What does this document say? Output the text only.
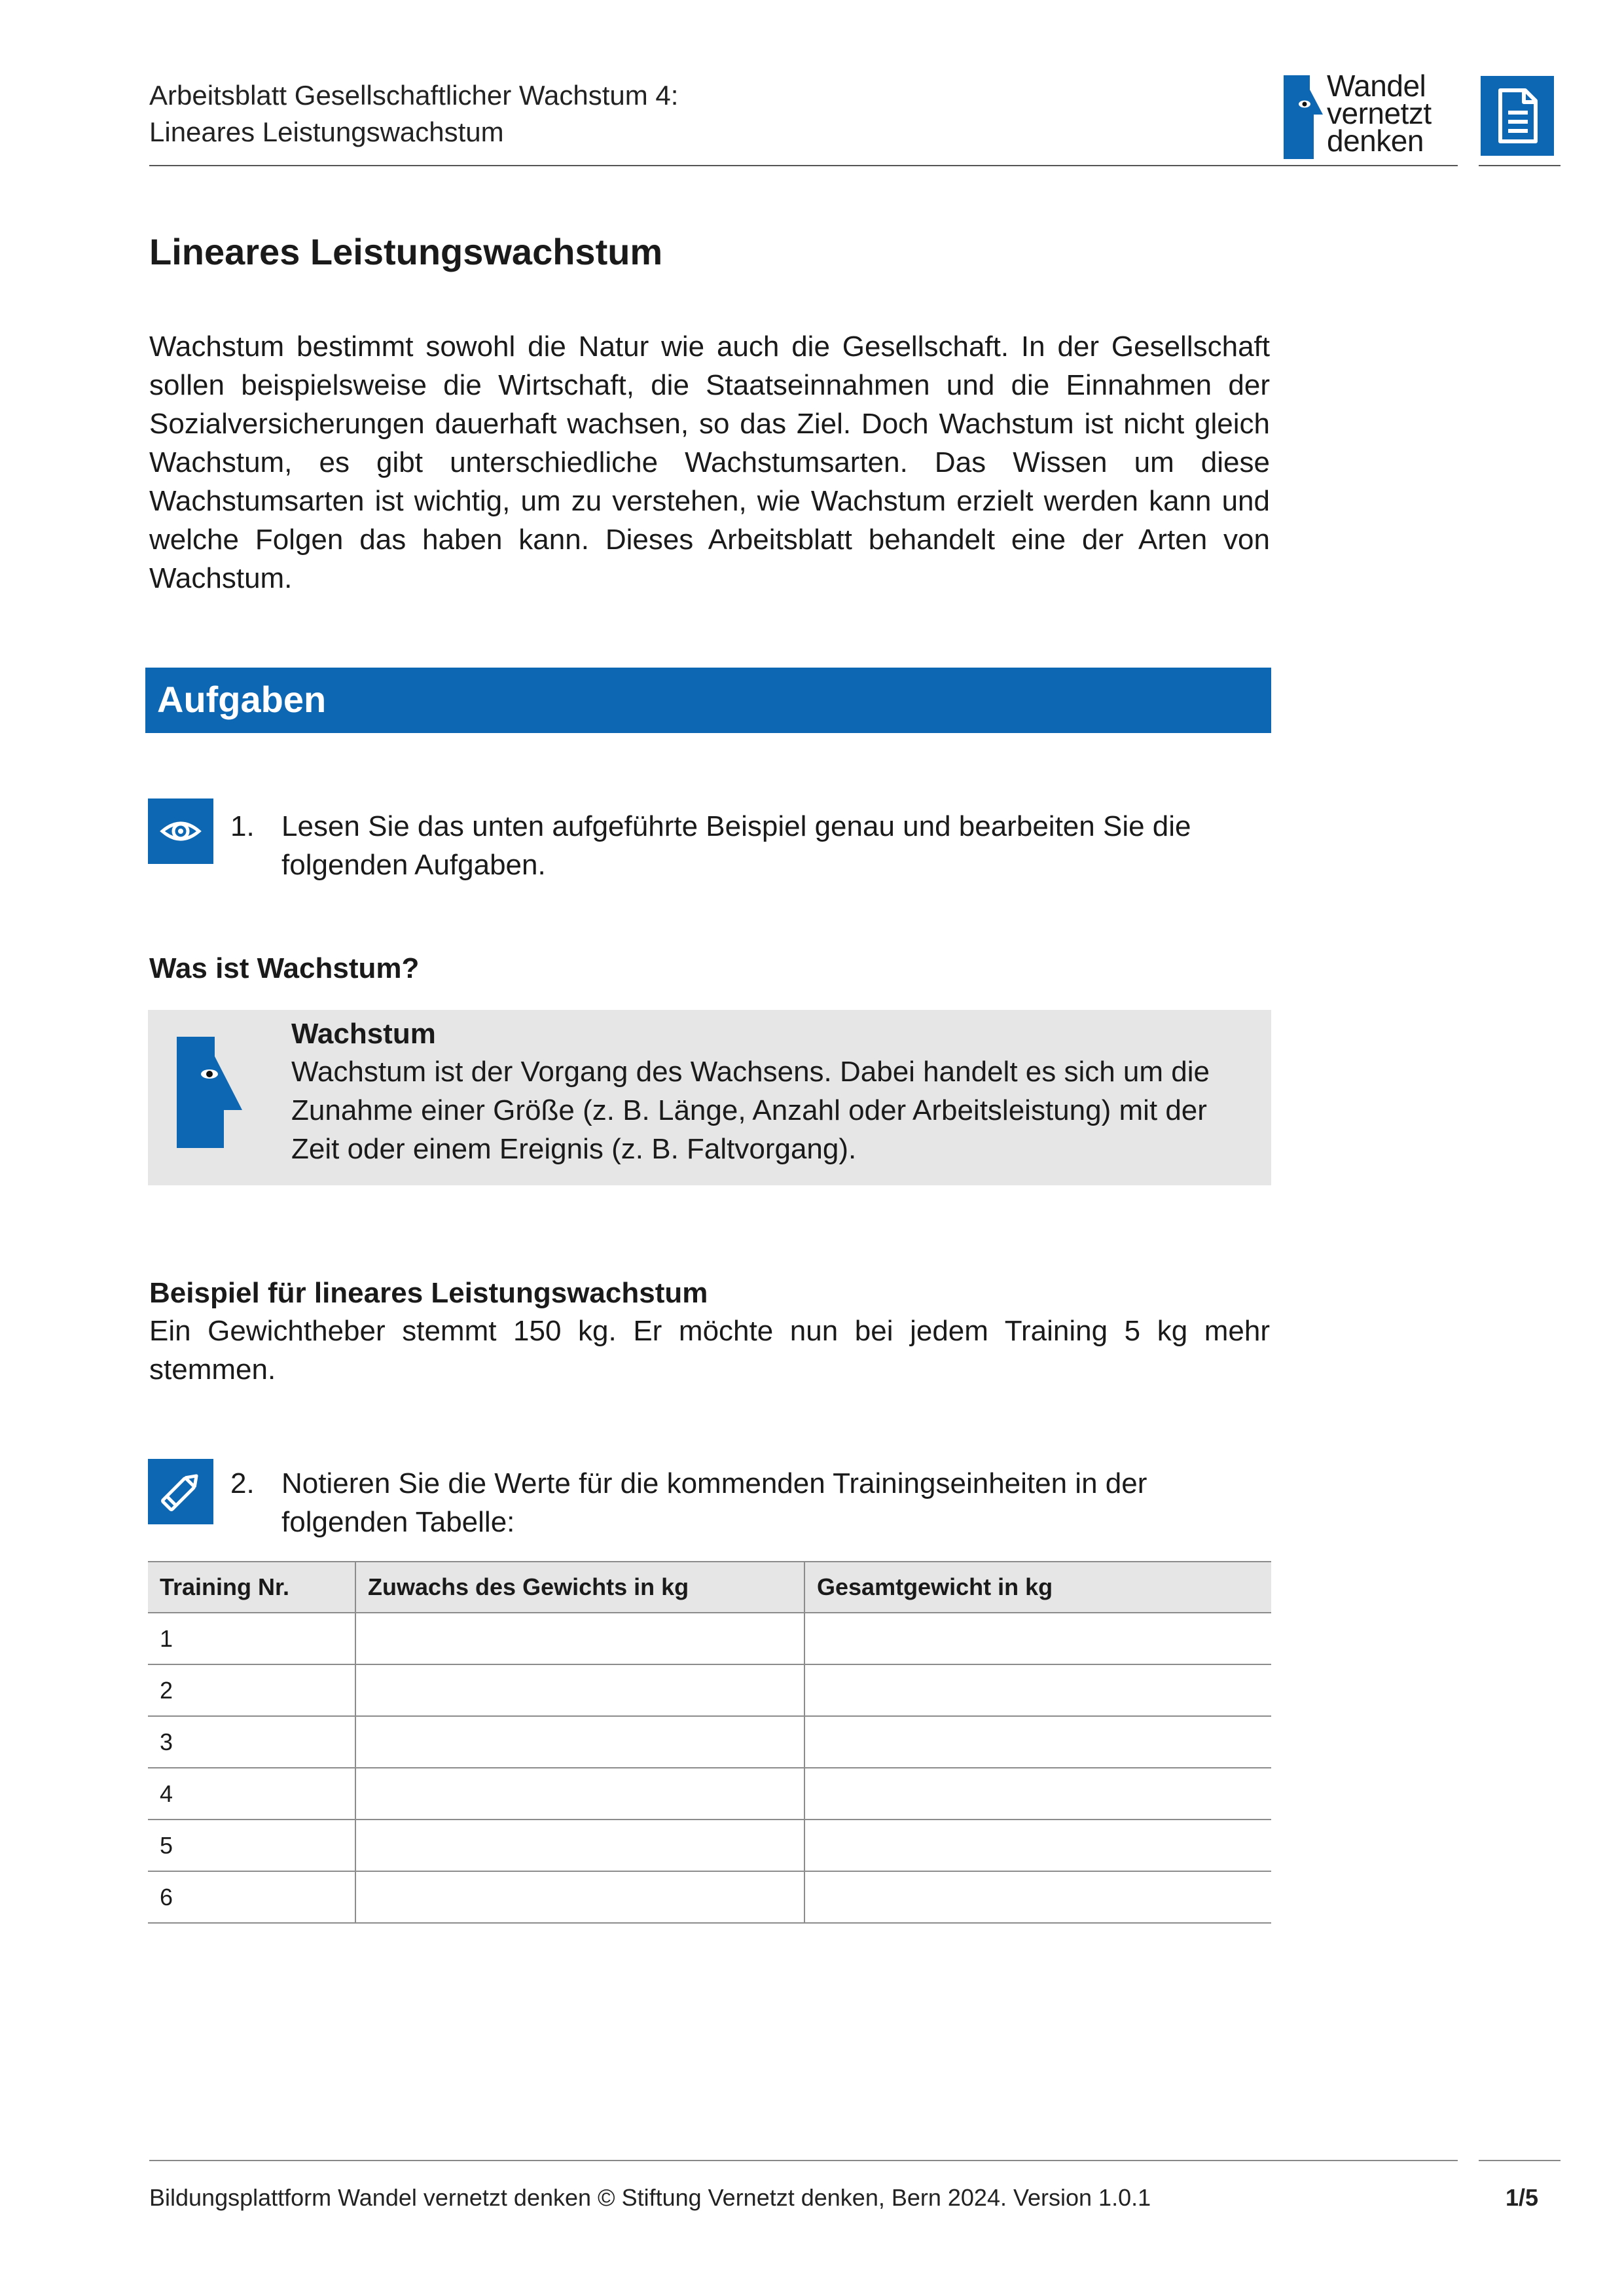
Arbeitsblatt Gesellschaftlicher Wachstum 4:
Lineares Leistungswachstum
Wandel
vernetzt
denken
Lineares Leistungswachstum

Wachstum bestimmt sowohl die Natur wie auch die Gesellschaft. In der Gesellschaft sollen beispielsweise die Wirtschaft, die Staatseinnahmen und die Einnahmen der Sozialversicherungen dauerhaft wachsen, so das Ziel. Doch Wachstum ist nicht gleich Wachstum, es gibt unterschiedliche Wachstumsarten. Das Wissen um diese Wachstumsarten ist wichtig, um zu verstehen, wie Wachstum erzielt werden kann und welche Folgen das haben kann. Dieses Arbeitsblatt behandelt eine der Arten von Wachstum.

Aufgaben
1. Lesen Sie das unten aufgeführte Beispiel genau und bearbeiten Sie die folgenden Aufgaben.
Was ist Wachstum?
Wachstum
Wachstum ist der Vorgang des Wachsens. Dabei handelt es sich um die Zunahme einer Größe (z. B. Länge, Anzahl oder Arbeitsleistung) mit der Zeit oder einem Ereignis (z. B. Faltvorgang).
Beispiel für lineares Leistungswachstum

Ein Gewichtheber stemmt 150 kg. Er möchte nun bei jedem Training 5 kg mehr stemmen.

2. Notieren Sie die Werte für die kommenden Trainingseinheiten in der folgenden Tabelle:
Training Nr.	Zuwachs des Gewichts in kg	Gesamtgewicht in kg
1		
2		
3		
4		
5		
6		
Bildungsplattform Wandel vernetzt denken © Stiftung Vernetzt denken, Bern 2024. Version 1.0.1	1/5
